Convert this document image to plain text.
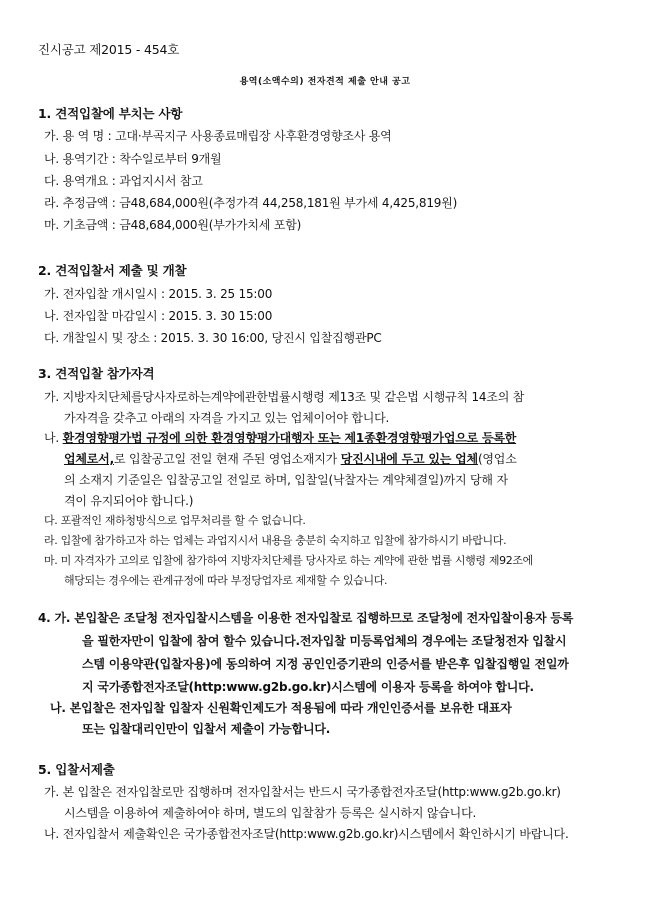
진시공고 제2015 - 454호
용역(소액수의) 전자견적 제출 안내 공고
1. 견적입찰에 부치는 사항
가. 용 역 명 : 고대·부곡지구 사용종료매립장 사후환경영향조사 용역
나. 용역기간 : 착수일로부터 9개월
다. 용역개요 : 과업지시서 참고
라. 추정금액 : 금48,684,000원(추정가격 44,258,181원 부가세 4,425,819원)
마. 기초금액 : 금48,684,000원(부가가치세 포함)
2. 견적입찰서 제출 및 개찰
가. 전자입찰 개시일시 : 2015. 3. 25 15:00
나. 전자입찰 마감일시 : 2015. 3. 30 15:00
다. 개찰일시 및 장소 : 2015. 3. 30 16:00, 당진시 입찰집행관PC
3. 견적입찰 참가자격
가. 지방자치단체를당사자로하는계약에관한법률시행령 제13조 및 같은법 시행규칙 14조의 참
가자격을 갖추고 아래의 자격을 가지고 있는 업체이어야 합니다.
나. 환경영향평가법 규정에 의한 환경영향평가대행자 또는 제1종환경영향평가업으로 등록한
업체로서,로 입찰공고일 전일 현재 주된 영업소재지가 당진시내에 두고 있는 업체(영업소
의 소재지 기준일은 입찰공고일 전일로 하며, 입찰일(낙찰자는 계약체결일)까지 당해 자
격이 유지되어야 합니다.)
다. 포괄적인 재하청방식으로 업무처리를 할 수 없습니다.
라. 입찰에 참가하고자 하는 업체는 과업지시서 내용을 충분히 숙지하고 입찰에 참가하시기 바랍니다.
마. 미 자격자가 고의로 입찰에 참가하여 지방자치단체를 당사자로 하는 계약에 관한 법률 시행령 제92조에
해당되는 경우에는 관계규정에 따라 부정당업자로 제재할 수 있습니다.
4. 가. 본입찰은 조달청 전자입찰시스템을 이용한 전자입찰로 집행하므로 조달청에 전자입찰이용자 등록
을 필한자만이 입찰에 참여 할수 있습니다.전자입찰 미등록업체의 경우에는 조달청전자 입찰시
스템 이용약관(입찰자용)에 동의하여 지정 공인인증기관의 인증서를 받은후 입찰집행일 전일까
지 국가종합전자조달(http:www.g2b.go.kr)시스템에 이용자 등록을 하여야 합니다.
나. 본입찰은 전자입찰 입찰자 신원확인제도가 적용됨에 따라 개인인증서를 보유한 대표자
또는 입찰대리인만이 입찰서 제출이 가능합니다.
5. 입찰서제출
가. 본 입찰은 전자입찰로만 집행하며 전자입찰서는 반드시 국가종합전자조달(http:www.g2b.go.kr)
시스템을 이용하여 제출하여야 하며, 별도의 입찰참가 등록은 실시하지 않습니다.
나. 전자입찰서 제출확인은 국가종합전자조달(http:www.g2b.go.kr)시스템에서 확인하시기 바랍니다.
